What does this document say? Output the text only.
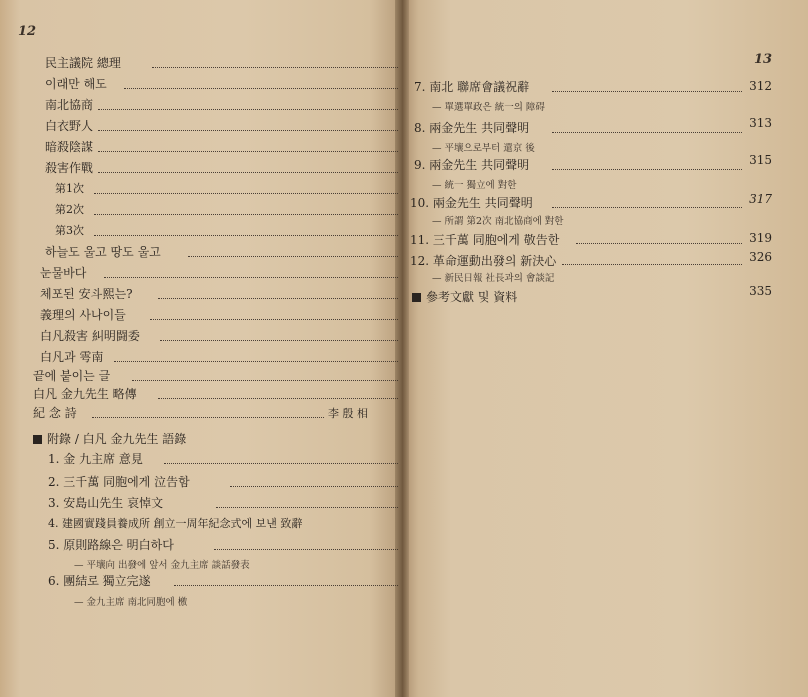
12
民主議院 總理
이래만 해도
南北協商
白衣野人
暗殺陰謀
殺害作戰
第1次
第2次
第3次
하늘도 울고 땅도 울고
눈물바다
체포된 安斗熙는?
義理의 사나이들
白凡殺害 糾明闘委
白凡과 雩南
끝에 붙이는 글
白凡 金九先生 略傳
紀 念 詩	李 殷 相
附錄 / 白凡 金九先生 語錄
1. 金 九主席 意見
2. 三千萬 同胞에게 泣告함
3. 安島山先生 哀悼文
4. 建國實踐員養成所 創立一周年紀念式에 보낸 致辭
5. 原則路線은 明白하다
— 平壤向 出發에 앞서 金九主席 談話發表
6. 團結로 獨立完遂
— 金九主席 南北同胞에 檄
13
7. 南北 聯席會議祝辭	312
— 單選單政은 統一의 障碍
8. 兩金先生 共同聲明	313
— 平壤으로부터 還京 後
9. 兩金先生 共同聲明	315
— 統一 獨立에 對한
10. 兩金先生 共同聲明	317
— 所謂 第2次 南北協商에 對한
11. 三千萬 同胞에게 敬告한	319
12. 革命運動出發의 新決心	326
— 新民日報 社長과의 會談記
參考文獻 및 資料	335
